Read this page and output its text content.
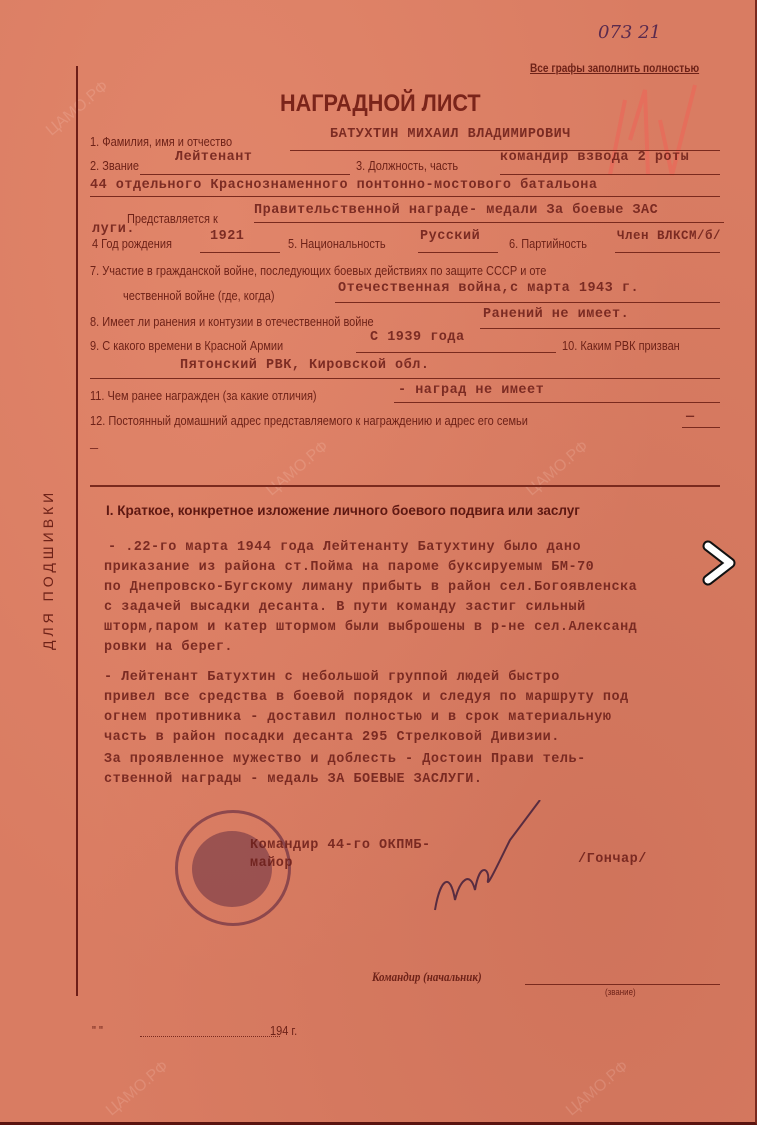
ЦАМО.РФ
ЦАМО.РФ
ЦАМО.РФ
ЦАМО.РФ
ЦАМО.РФ
ДЛЯ ПОДШИВКИ
073 21
Все графы заполнить полностью
НАГРАДНОЙ ЛИСТ
1. Фамилия, имя и отчество	БАТУХТИН МИХАИЛ ВЛАДИМИРОВИЧ
2. Звание
Лейтенант
3. Должность, часть
командир взвода 2 роты
44 отдельного Краснознаменного понтонно-мостового батальона
Представляется к
Правительственной награде- медали За боевые ЗАС
луги.
4 Год рождения	1921	5. Национальность	Русский 6. Партийность
Член ВЛКСМ/б/
7. Участие в гражданской войне, последующих боевых действиях по защите СССР и оте
чественной войне (где, когда)	Отечественная война,с марта 1943 г.
8. Имеет ли ранения и контузии в отечественной войне	Ранений не имеет.
9. С какого времени в Красной Армии
С 1939 года
10. Каким РВК призван
Пятонский РВК, Кировской обл.
11. Чем ранее награжден (за какие отличия)	- наград не имеет
12. Постоянный домашний адрес представляемого к награждению и адрес его семьи	—
—
I. Краткое, конкретное изложение личного боевого подвига или заслуг
- .22-го марта 1944 года Лейтенанту Батухтину было дано
приказание из района ст.Пойма на пароме буксируемым БМ-70
по Днепровско-Бугскому лиману прибыть в район сел.Богоявленска
с задачей высадки десанта. В пути команду застиг сильный
шторм,паром и катер штормом были выброшены в р-не сел.Александ
ровки на берег.
- Лейтенант Батухтин с небольшой группой людей быстро
привел все средства в боевой порядок и следуя по маршруту под
огнем противника - доставил полностью и в срок материальную
часть в район посадки десанта 295 Стрелковой Дивизии.
За проявленное мужество и доблесть - Достоин Прави тель-
ственной награды - медаль ЗА БОЕВЫЕ ЗАСЛУГИ.
Командир 44-го ОКПМБ-
майор	/Гончар/
Командир (начальник)
(звание)
" "	194 г.
